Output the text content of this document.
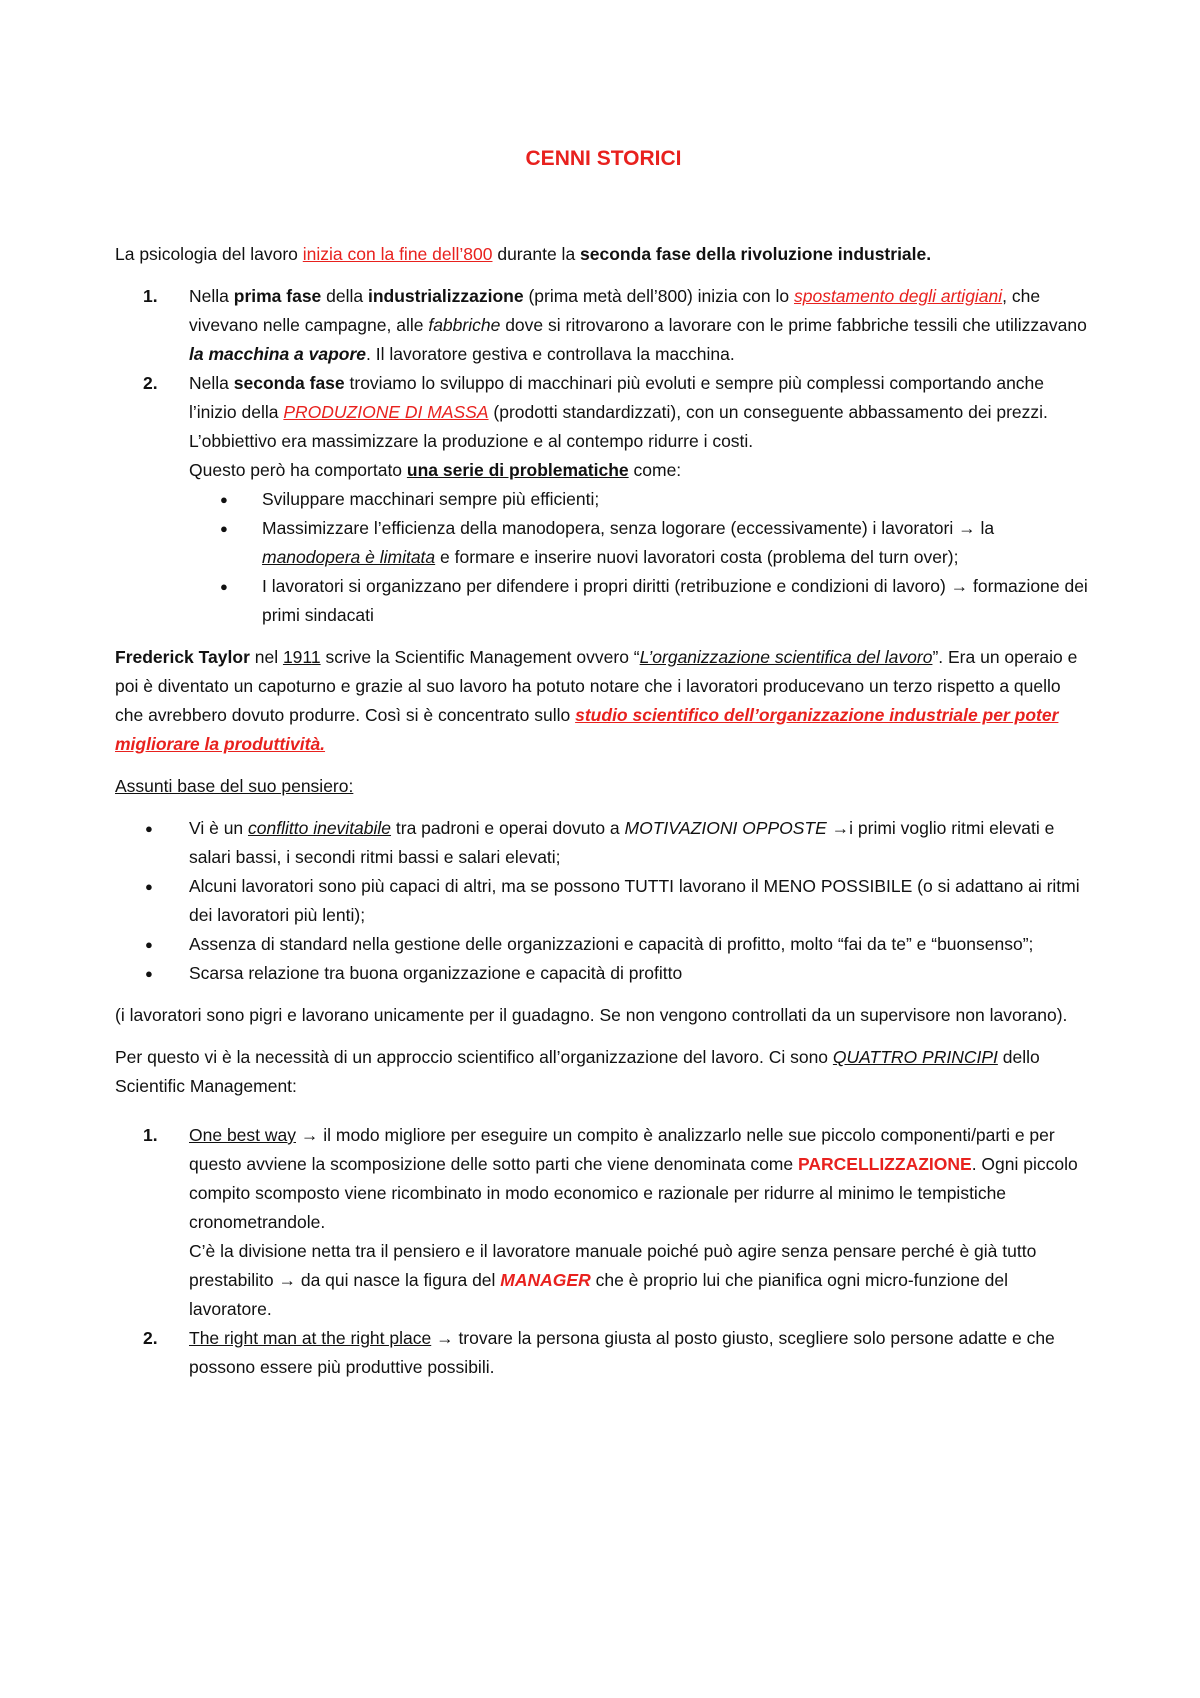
CENNI STORICI

La psicologia del lavoro inizia con la fine dell’800 durante la seconda fase della rivoluzione industriale.

1. Nella prima fase della industrializzazione (prima metà dell’800) inizia con lo spostamento degli artigiani, che vivevano nelle campagne, alle fabbriche dove si ritrovarono a lavorare con le prime fabbriche tessili che utilizzavano la macchina a vapore. Il lavoratore gestiva e controllava la macchina.
2. Nella seconda fase troviamo lo sviluppo di macchinari più evoluti e sempre più complessi comportando anche l’inizio della PRODUZIONE DI MASSA (prodotti standardizzati), con un conseguente abbassamento dei prezzi. L’obbiettivo era massimizzare la produzione e al contempo ridurre i costi.
Questo però ha comportato una serie di problematiche come:
● Sviluppare macchinari sempre più efficienti;
● Massimizzare l’efficienza della manodopera, senza logorare (eccessivamente) i lavoratori → la manodopera è limitata e formare e inserire nuovi lavoratori costa (problema del turn over);
● I lavoratori si organizzano per difendere i propri diritti (retribuzione e condizioni di lavoro) → formazione dei primi sindacati

Frederick Taylor nel 1911 scrive la Scientific Management ovvero “L’organizzazione scientifica del lavoro”. Era un operaio e poi è diventato un capoturno e grazie al suo lavoro ha potuto notare che i lavoratori producevano un terzo rispetto a quello che avrebbero dovuto produrre. Così si è concentrato sullo studio scientifico dell’organizzazione industriale per poter migliorare la produttività.

Assunti base del suo pensiero:

● Vi è un conflitto inevitabile tra padroni e operai dovuto a MOTIVAZIONI OPPOSTE →i primi voglio ritmi elevati e salari bassi, i secondi ritmi bassi e salari elevati;
● Alcuni lavoratori sono più capaci di altri, ma se possono TUTTI lavorano il MENO POSSIBILE (o si adattano ai ritmi dei lavoratori più lenti);
● Assenza di standard nella gestione delle organizzazioni e capacità di profitto, molto “fai da te” e “buonsenso”;
● Scarsa relazione tra buona organizzazione e capacità di profitto

(i lavoratori sono pigri e lavorano unicamente per il guadagno. Se non vengono controllati da un supervisore non lavorano).

Per questo vi è la necessità di un approccio scientifico all’organizzazione del lavoro. Ci sono QUATTRO PRINCIPI dello Scientific Management:

1. One best way → il modo migliore per eseguire un compito è analizzarlo nelle sue piccolo componenti/parti e per questo avviene la scomposizione delle sotto parti che viene denominata come PARCELLIZZAZIONE. Ogni piccolo compito scomposto viene ricombinato in modo economico e razionale per ridurre al minimo le tempistiche cronometrandole.
C’è la divisione netta tra il pensiero e il lavoratore manuale poiché può agire senza pensare perché è già tutto prestabilito → da qui nasce la figura del MANAGER che è proprio lui che pianifica ogni micro-funzione del lavoratore.
2. The right man at the right place → trovare la persona giusta al posto giusto, scegliere solo persone adatte e che possono essere più produttive possibili.
